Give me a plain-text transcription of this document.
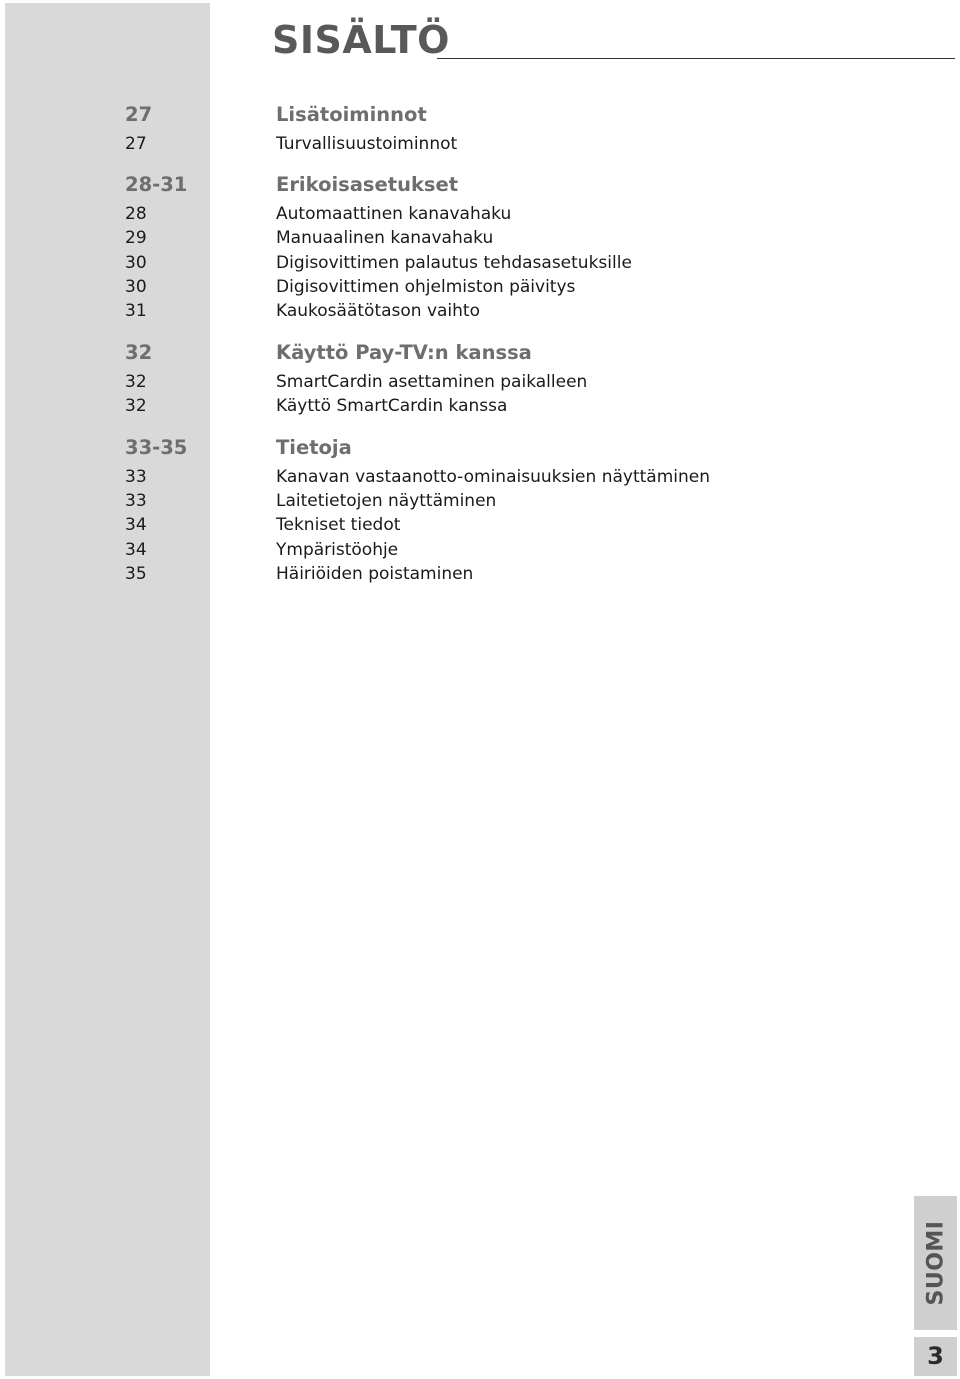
SISÄLTÖ
27	Lisätoiminnot
27	Turvallisuustoiminnot
28-31	Erikoisasetukset
28	Automaattinen kanavahaku
29	Manuaalinen kanavahaku
30	Digisovittimen palautus tehdasasetuksille
30	Digisovittimen ohjelmiston päivitys
31	Kaukosäätötason vaihto
32	Käyttö Pay-TV:n kanssa
32	SmartCardin asettaminen paikalleen
32	Käyttö SmartCardin kanssa
33-35	Tietoja
33	Kanavan vastaanotto-ominaisuuksien näyttäminen
33	Laitetietojen näyttäminen
34	Tekniset tiedot
34	Ympäristöohje
35	Häiriöiden poistaminen
SUOMI
3
